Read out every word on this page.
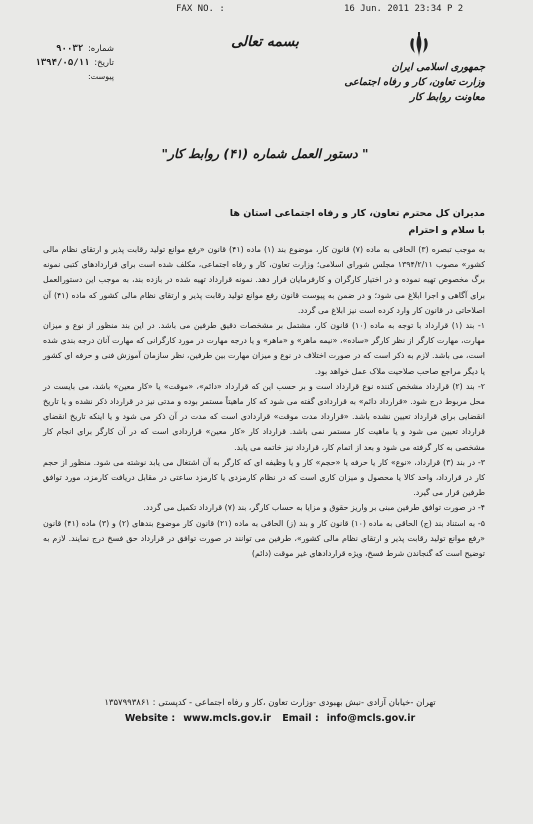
FAX NO. :	16 Jun. 2011 23:34 P 2
بسمه تعالی
جمهوری اسلامی ایران
وزارت تعاون، کار و رفاه اجتماعی
معاونت روابط کار
شماره: ۹۰۰۳۲
تاریخ: ۱۳۹۴/۰۵/۱۱
پیوست:
" دستور العمل شماره (۴۱) روابط کار"
مدیران کل محترم تعاون، کار و رفاه اجتماعی استان ها
با سلام و احترام

به موجب تبصره (۳) الحاقی به ماده (۷) قانون کار، موضوع بند (۱) ماده (۴۱) قانون «رفع موانع تولید رقابت پذیر و ارتقای نظام مالی کشور» مصوب ۱۳۹۴/۲/۱۱ مجلس شورای اسلامی؛ وزارت تعاون، کار و رفاه اجتماعی، مکلف شده است برای قراردادهای کتبی نمونه برگ مخصوص تهیه نموده و در اختیار کارگران و کارفرمایان قرار دهد. نمونه قرارداد تهیه شده در بازده بند، به موجب این دستورالعمل برای آگاهی و اجرا ابلاغ می شود؛ و در ضمن به پیوست قانون رفع موانع تولید رقابت پذیر و ارتقای نظام مالی کشور که ماده (۴۱) آن اصلاحاتی در قانون کار وارد کرده است نیز ابلاغ می گردد.

۱- بند (۱) قرارداد با توجه به ماده (۱۰) قانون کار، مشتمل بر مشخصات دقیق طرفین می باشد. در این بند منظور از نوع و میزان مهارت، مهارت کارگر از نظر کارگر «ساده»، «نیمه ماهر» و «ماهر» و یا درجه مهارت در مورد کارگرانی که مهارت آنان درجه بندی شده است، می باشد. لازم به ذکر است که در صورت اختلاف در نوع و میزان مهارت بین طرفین، نظر سازمان آموزش فنی و حرفه ای کشور یا دیگر مراجع صاحب صلاحیت ملاک عمل خواهد بود.

۲- بند (۲) قرارداد مشخص کننده نوع قرارداد است و بر حسب این که قرارداد «دائم»، «موقت» یا «کار معین» باشد، می بایست در محل مربوط درج شود. «قرارداد دائم» به قراردادی گفته می شود که کار ماهیتاً مستمر بوده و مدتی نیز در قرارداد ذکر نشده و یا تاریخ انقضایی برای قرارداد تعیین نشده باشد. «قرارداد مدت موقت» قراردادی است که مدت در آن ذکر می شود و یا اینکه تاریخ انقضای قرارداد تعیین می شود و یا ماهیت کار مستمر نمی باشد. قرارداد کار «کار معین» قراردادی است که در آن کارگر برای انجام کار مشخصی به کار گرفته می شود و بعد از اتمام کار، قرارداد نیز خاتمه می یابد.

۳- در بند (۳) قرارداد، «نوع» کار یا حرفه یا «حجم» کار و یا وظیفه ای که کارگر به آن اشتغال می یابد نوشته می شود. منظور از حجم کار در قرارداد، واحد کالا یا محصول و میزان کاری است که در نظام کارمزدی یا کارمزد ساعتی در مقابل دریافت کارمزد، مورد توافق طرفین قرار می گیرد.

۴- در صورت توافق طرفین مبنی بر واریز حقوق و مزایا به حساب کارگر، بند (۷) قرارداد تکمیل می گردد.

۵- به استناد بند (ج) الحاقی به ماده (۱۰) قانون کار و بند (ز) الحاقی به ماده (۲۱) قانون کار موضوع بندهای (۲) و (۳) ماده (۴۱) قانون «رفع موانع تولید رقابت پذیر و ارتقای نظام مالی کشور»، طرفین می توانند در صورت توافق در قرارداد حق فسخ درج نمایند. لازم به توضیح است که گنجاندن شرط فسخ، ویژه قراردادهای غیر موقت (دائم)

تهران -خیابان آزادی -نبش بهبودی -وزارت تعاون ،کار و رفاه اجتماعی - کدپستی : ۱۳۵۷۹۹۳۸۶۱
Website : www.mcls.gov.ir Email : info@mcls.gov.ir
